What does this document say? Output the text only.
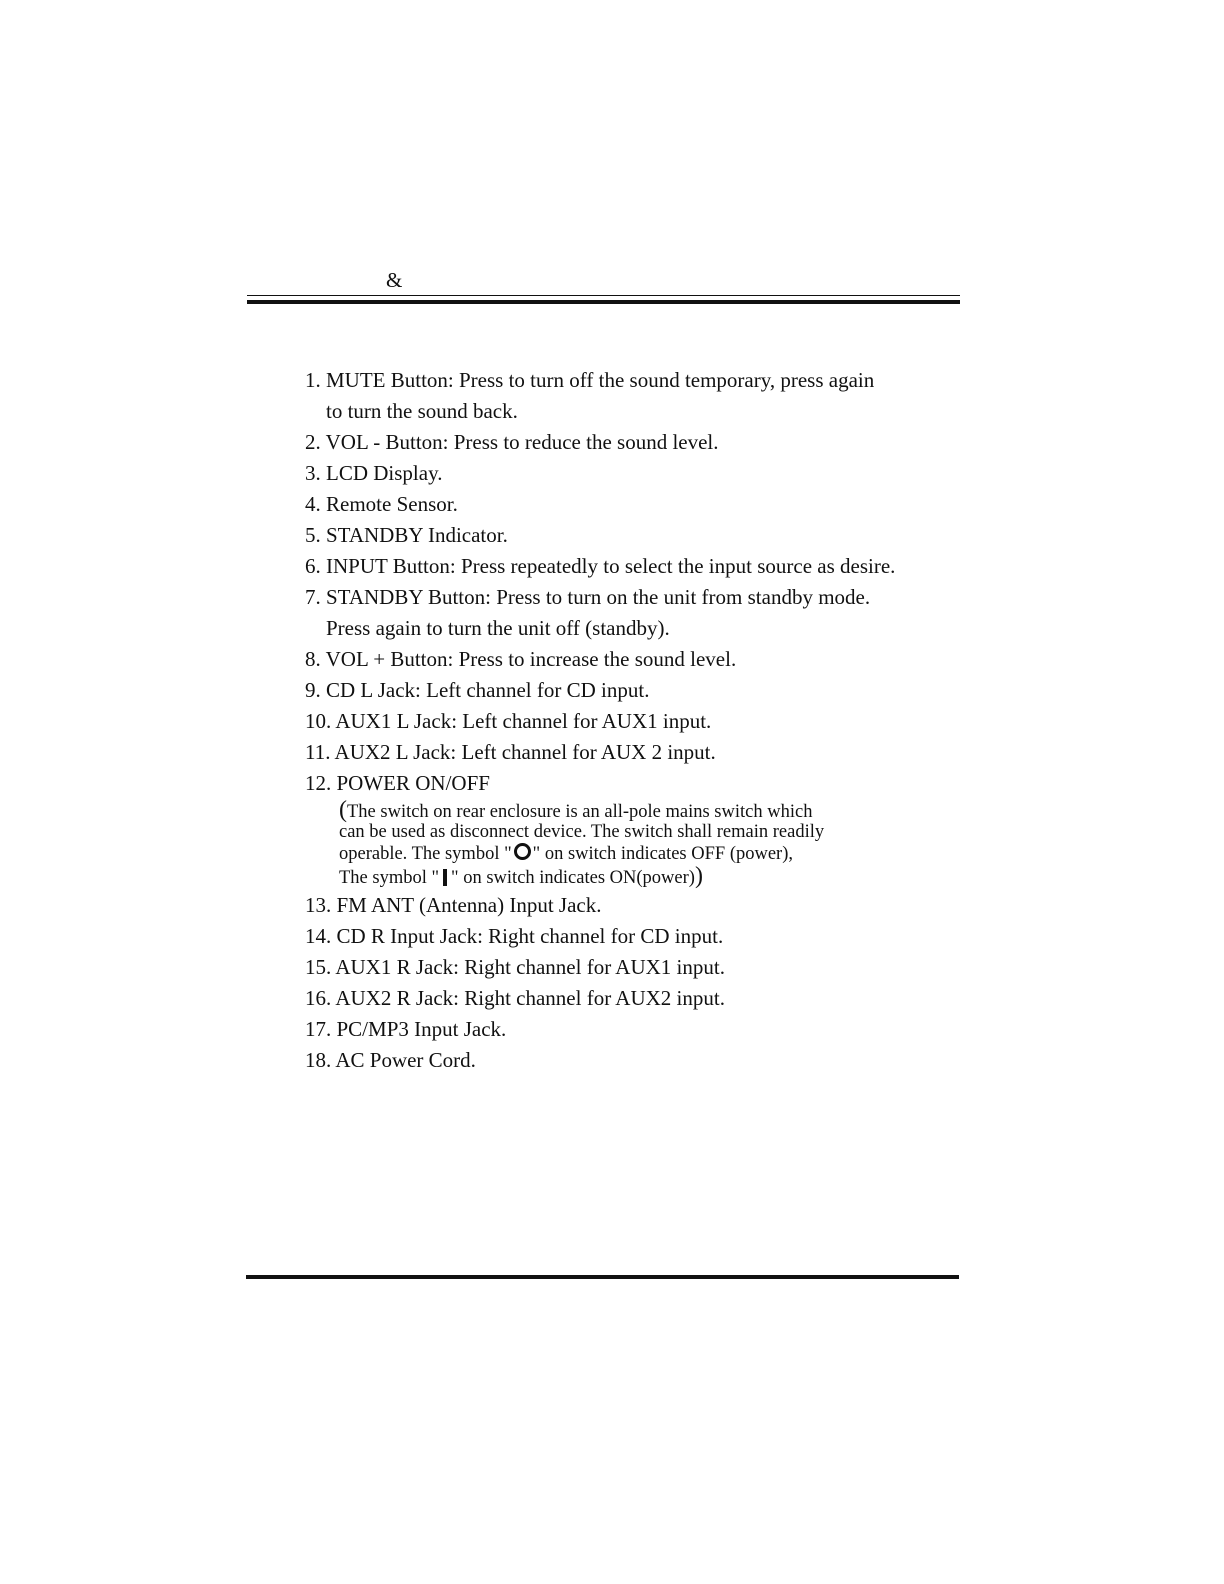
&
1. MUTE Button: Press to turn off the sound temporary, press again
to turn the sound back.
2. VOL - Button: Press to reduce the sound level.
3. LCD Display.
4. Remote Sensor.
5. STANDBY Indicator.
6. INPUT Button: Press repeatedly to select the input source as desire.
7. STANDBY Button: Press to turn on the unit from standby mode.
Press again to turn the unit off (standby).
8. VOL + Button: Press to increase the sound level.
9. CD L Jack: Left channel for CD input.
10. AUX1 L Jack: Left channel for AUX1 input.
11. AUX2 L Jack: Left channel for AUX 2 input.
12. POWER ON/OFF
(The switch on rear enclosure is an all-pole mains switch which
can be used as disconnect device. The switch shall remain readily
operable. The symbol " " on switch indicates OFF (power),
The symbol " " on switch indicates ON(power))
13. FM ANT (Antenna) Input Jack.
14. CD R Input Jack: Right channel for CD input.
15. AUX1 R Jack: Right channel for AUX1 input.
16. AUX2 R Jack: Right channel for AUX2 input.
17. PC/MP3 Input Jack.
18. AC Power Cord.
